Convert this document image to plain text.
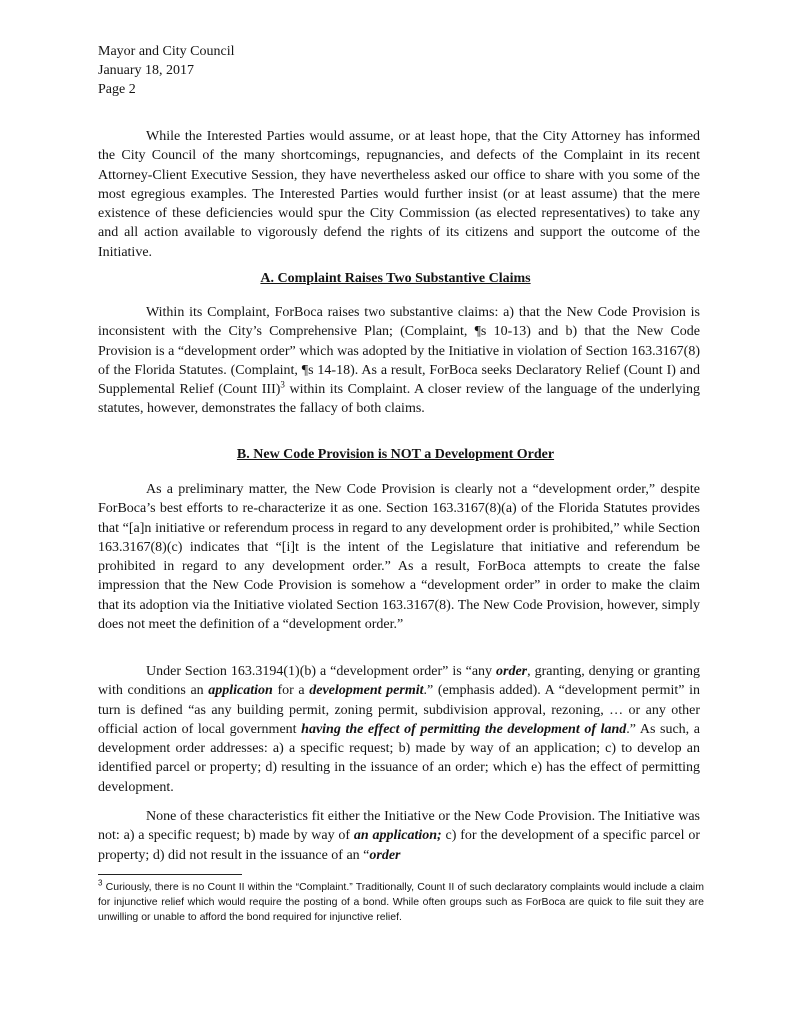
Mayor and City Council
January 18, 2017
Page 2

While the Interested Parties would assume, or at least hope, that the City Attorney has informed the City Council of the many shortcomings, repugnancies, and defects of the Complaint in its recent Attorney-Client Executive Session, they have nevertheless asked our office to share with you some of the most egregious examples. The Interested Parties would further insist (or at least assume) that the mere existence of these deficiencies would spur the City Commission (as elected representatives) to take any and all action available to vigorously defend the rights of its citizens and support the outcome of the Initiative.

A. Complaint Raises Two Substantive Claims

Within its Complaint, ForBoca raises two substantive claims: a) that the New Code Provision is inconsistent with the City’s Comprehensive Plan; (Complaint, ¶s 10-13) and b) that the New Code Provision is a “development order” which was adopted by the Initiative in violation of Section 163.3167(8) of the Florida Statutes. (Complaint, ¶s 14-18). As a result, ForBoca seeks Declaratory Relief (Count I) and Supplemental Relief (Count III)$^3$ within its Complaint. A closer review of the language of the underlying statutes, however, demonstrates the fallacy of both claims.

B. New Code Provision is NOT a Development Order

As a preliminary matter, the New Code Provision is clearly not a “development order,” despite ForBoca’s best efforts to re-characterize it as one. Section 163.3167(8)(a) of the Florida Statutes provides that “[a]n initiative or referendum process in regard to any development order is prohibited,” while Section 163.3167(8)(c) indicates that “[i]t is the intent of the Legislature that initiative and referendum be prohibited in regard to any development order.” As a result, ForBoca attempts to create the false impression that the New Code Provision is somehow a “development order” in order to make the claim that its adoption via the Initiative violated Section 163.3167(8). The New Code Provision, however, simply does not meet the definition of a “development order.”

Under Section 163.3194(1)(b) a “development order” is “any order, granting, denying or granting with conditions an application for a development permit.” (emphasis added). A “development permit” in turn is defined “as any building permit, zoning permit, subdivision approval, rezoning, … or any other official action of local government having the effect of permitting the development of land.” As such, a development order addresses: a) a specific request; b) made by way of an application; c) to develop an identified parcel or property; d) resulting in the issuance of an order; which e) has the effect of permitting development.

None of these characteristics fit either the Initiative or the New Code Provision. The Initiative was not: a) a specific request; b) made by way of an application; c) for the development of a specific parcel or property; d) did not result in the issuance of an “order

$^3$ Curiously, there is no Count II within the “Complaint.” Traditionally, Count II of such declaratory complaints would include a claim for injunctive relief which would require the posting of a bond. While often groups such as ForBoca are quick to file suit they are unwilling or unable to afford the bond required for injunctive relief.
